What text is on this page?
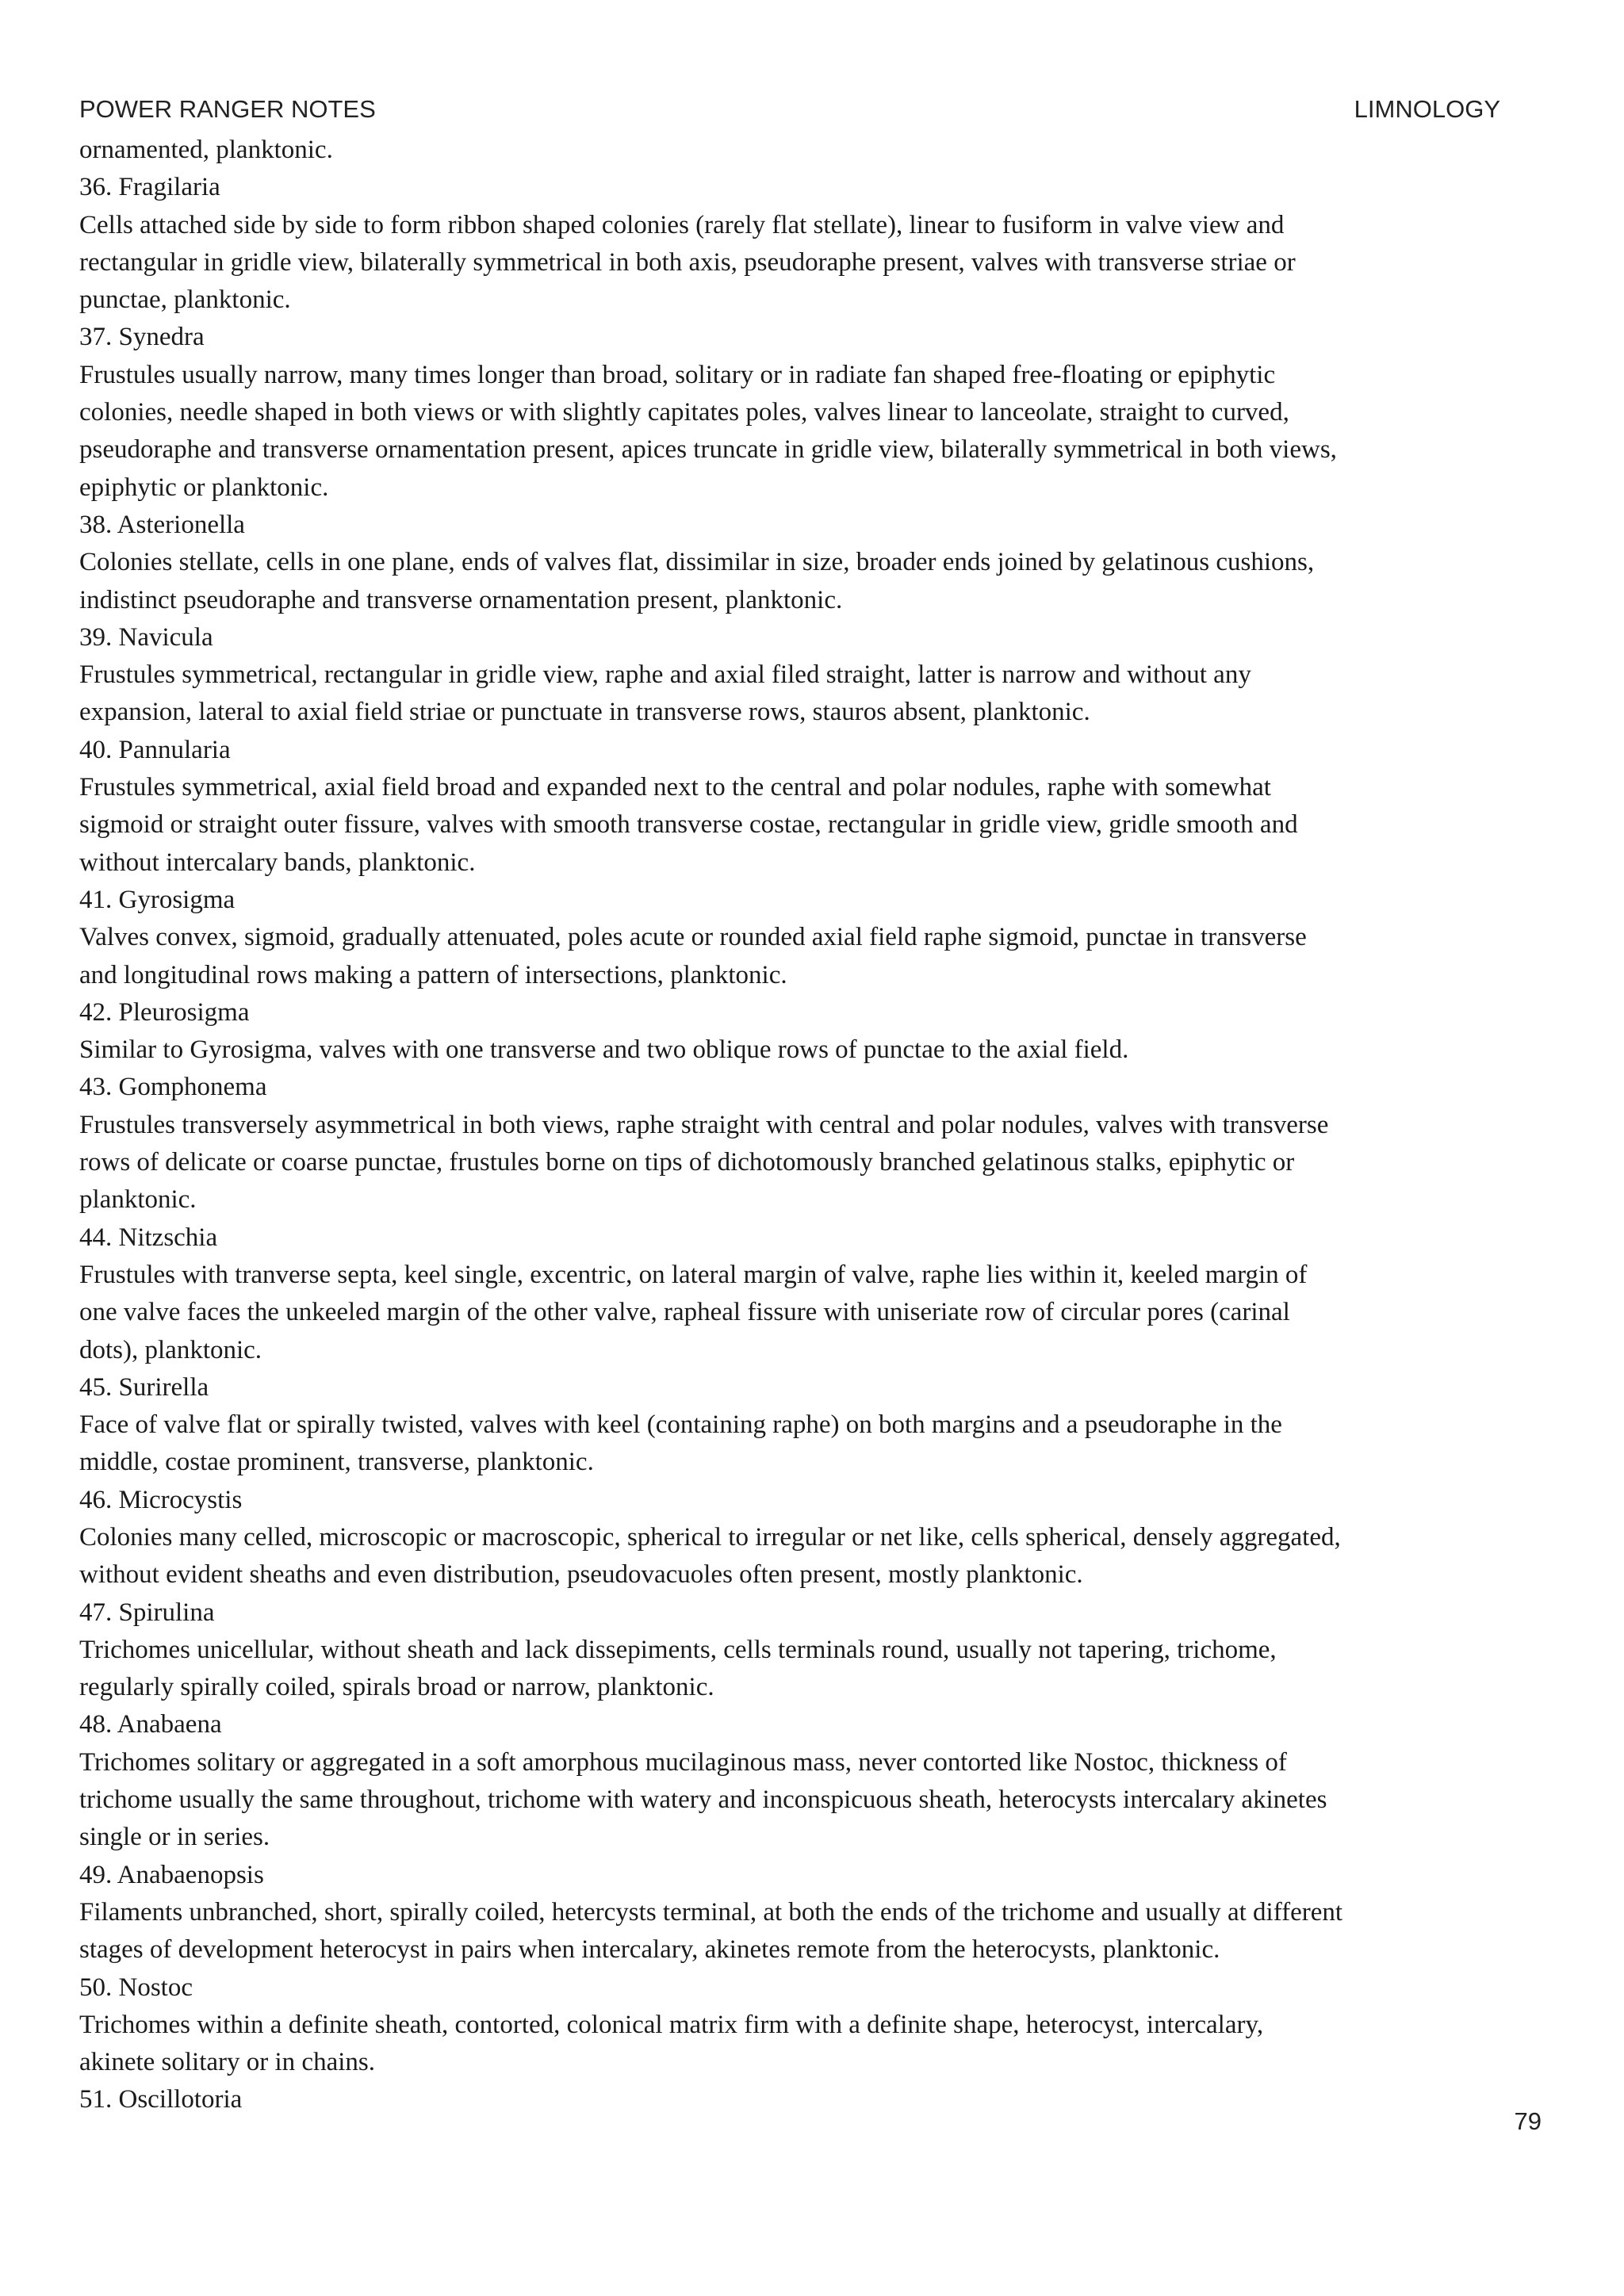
POWER RANGER NOTES	LIMNOLOGY

ornamented, planktonic.

36. Fragilaria

Cells attached side by side to form ribbon shaped colonies (rarely flat stellate), linear to fusiform in valve view and

rectangular in gridle view, bilaterally symmetrical in both axis, pseudoraphe present, valves with transverse striae or

punctae, planktonic.

37. Synedra

Frustules usually narrow, many times longer than broad, solitary or in radiate fan shaped free-floating or epiphytic

colonies, needle shaped in both views or with slightly capitates poles, valves linear to lanceolate, straight to curved,

pseudoraphe and transverse ornamentation present, apices truncate in gridle view, bilaterally symmetrical in both views,

epiphytic or planktonic.

38. Asterionella

Colonies stellate, cells in one plane, ends of valves flat, dissimilar in size, broader ends joined by gelatinous cushions,

indistinct pseudoraphe and transverse ornamentation present, planktonic.

39. Navicula

Frustules symmetrical, rectangular in gridle view, raphe and axial filed straight, latter is narrow and without any

expansion, lateral to axial field striae or punctuate in transverse rows, stauros absent, planktonic.

40. Pannularia

Frustules symmetrical, axial field broad and expanded next to the central and polar nodules, raphe with somewhat

sigmoid or straight outer fissure, valves with smooth transverse costae, rectangular in gridle view, gridle smooth and

without intercalary bands, planktonic.

41. Gyrosigma

Valves convex, sigmoid, gradually attenuated, poles acute or rounded axial field raphe sigmoid, punctae in transverse

and longitudinal rows making a pattern of intersections, planktonic.

42. Pleurosigma

Similar to Gyrosigma, valves with one transverse and two oblique rows of punctae to the axial field.

43. Gomphonema

Frustules transversely asymmetrical in both views, raphe straight with central and polar nodules, valves with transverse

rows of delicate or coarse punctae, frustules borne on tips of dichotomously branched gelatinous stalks, epiphytic or

planktonic.

44. Nitzschia

Frustules with tranverse septa, keel single, excentric, on lateral margin of valve, raphe lies within it, keeled margin of

one valve faces the unkeeled margin of the other valve, rapheal fissure with uniseriate row of circular pores (carinal

dots), planktonic.

45. Surirella

Face of valve flat or spirally twisted, valves with keel (containing raphe) on both margins and a pseudoraphe in the

middle, costae prominent, transverse, planktonic.

46. Microcystis

Colonies many celled, microscopic or macroscopic, spherical to irregular or net like, cells spherical, densely aggregated,

without evident sheaths and even distribution, pseudovacuoles often present, mostly planktonic.

47. Spirulina

Trichomes unicellular, without sheath and lack dissepiments, cells terminals round, usually not tapering, trichome,

regularly spirally coiled, spirals broad or narrow, planktonic.

48. Anabaena

Trichomes solitary or aggregated in a soft amorphous mucilaginous mass, never contorted like Nostoc, thickness of

trichome usually the same throughout, trichome with watery and inconspicuous sheath, heterocysts intercalary akinetes

single or in series.

49. Anabaenopsis

Filaments unbranched, short, spirally coiled, hetercysts terminal, at both the ends of the trichome and usually at different

stages of development heterocyst in pairs when intercalary, akinetes remote from the heterocysts, planktonic.

50. Nostoc

Trichomes within a definite sheath, contorted, colonical matrix firm with a definite shape, heterocyst, intercalary,

akinete solitary or in chains.

51. Oscillotoria

79
